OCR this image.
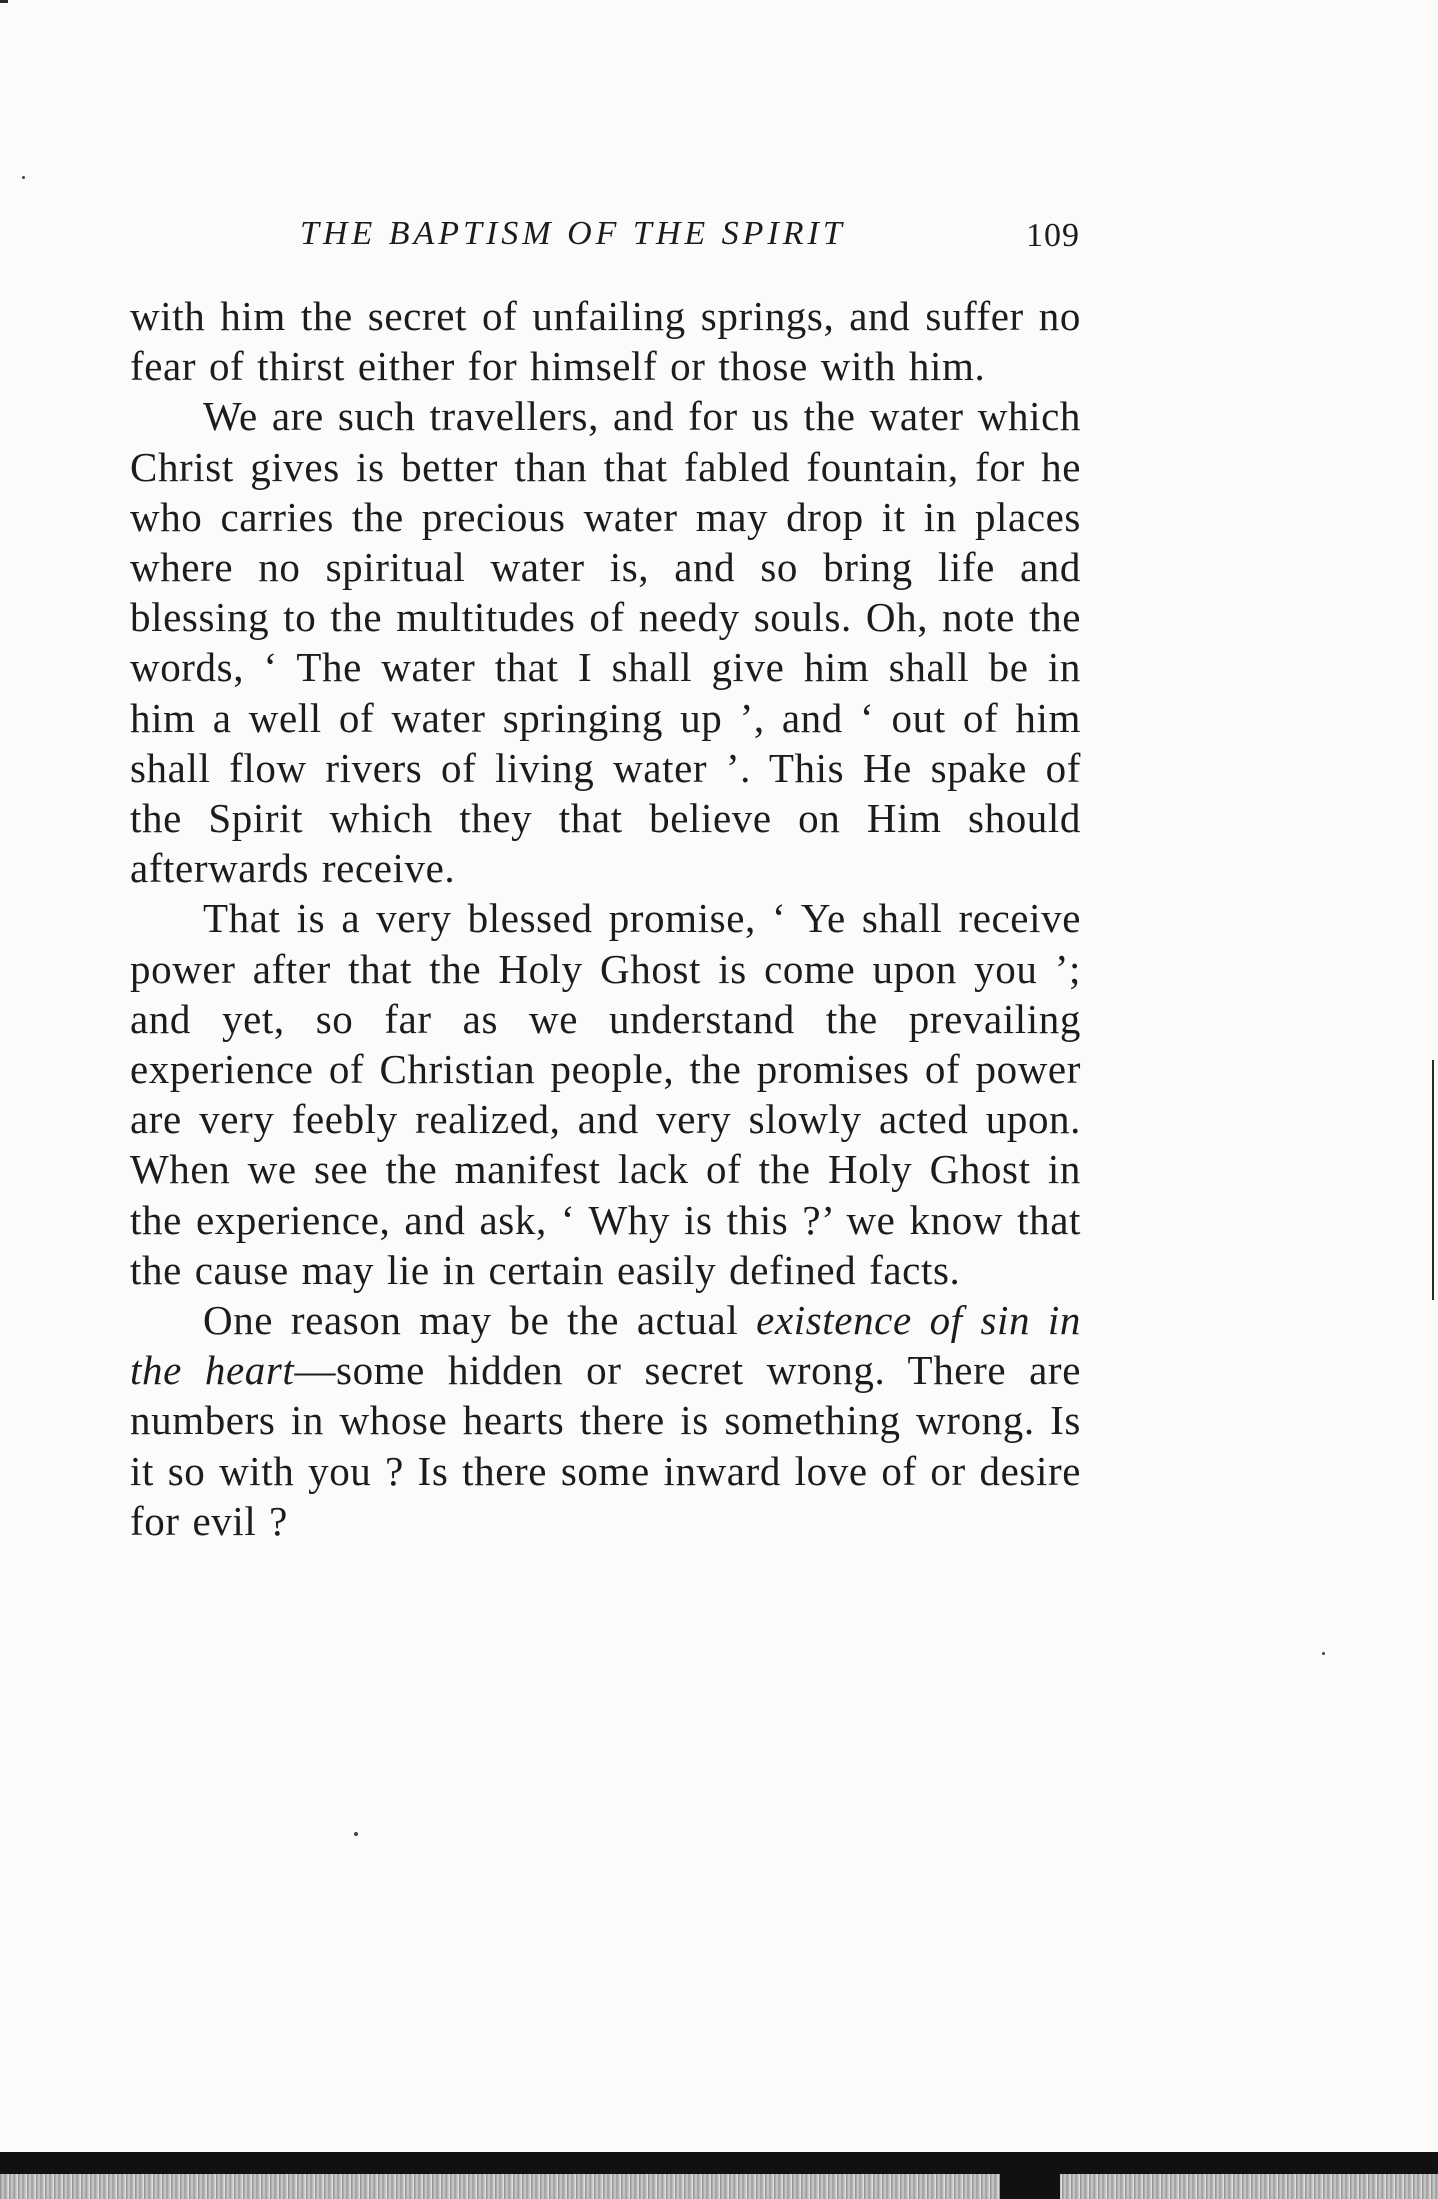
THE BAPTISM OF THE SPIRIT	109

with him the secret of unfailing springs, and suffer no fear of thirst either for himself or those with him.

We are such travellers, and for us the water which Christ gives is better than that fabled fountain, for he who carries the precious water may drop it in places where no spiritual water is, and so bring life and blessing to the multitudes of needy souls. Oh, note the words, ‘ The water that I shall give him shall be in him a well of water springing up ’, and ‘ out of him shall flow rivers of living water ’. This He spake of the Spirit which they that believe on Him should afterwards receive.

That is a very blessed promise, ‘ Ye shall receive power after that the Holy Ghost is come upon you ’; and yet, so far as we understand the prevailing experience of Christian people, the promises of power are very feebly realized, and very slowly acted upon. When we see the manifest lack of the Holy Ghost in the experience, and ask, ‘ Why is this ?’ we know that the cause may lie in certain easily defined facts.

One reason may be the actual existence of sin in the heart—some hidden or secret wrong. There are numbers in whose hearts there is something wrong. Is it so with you ? Is there some inward love of or desire for evil ?
